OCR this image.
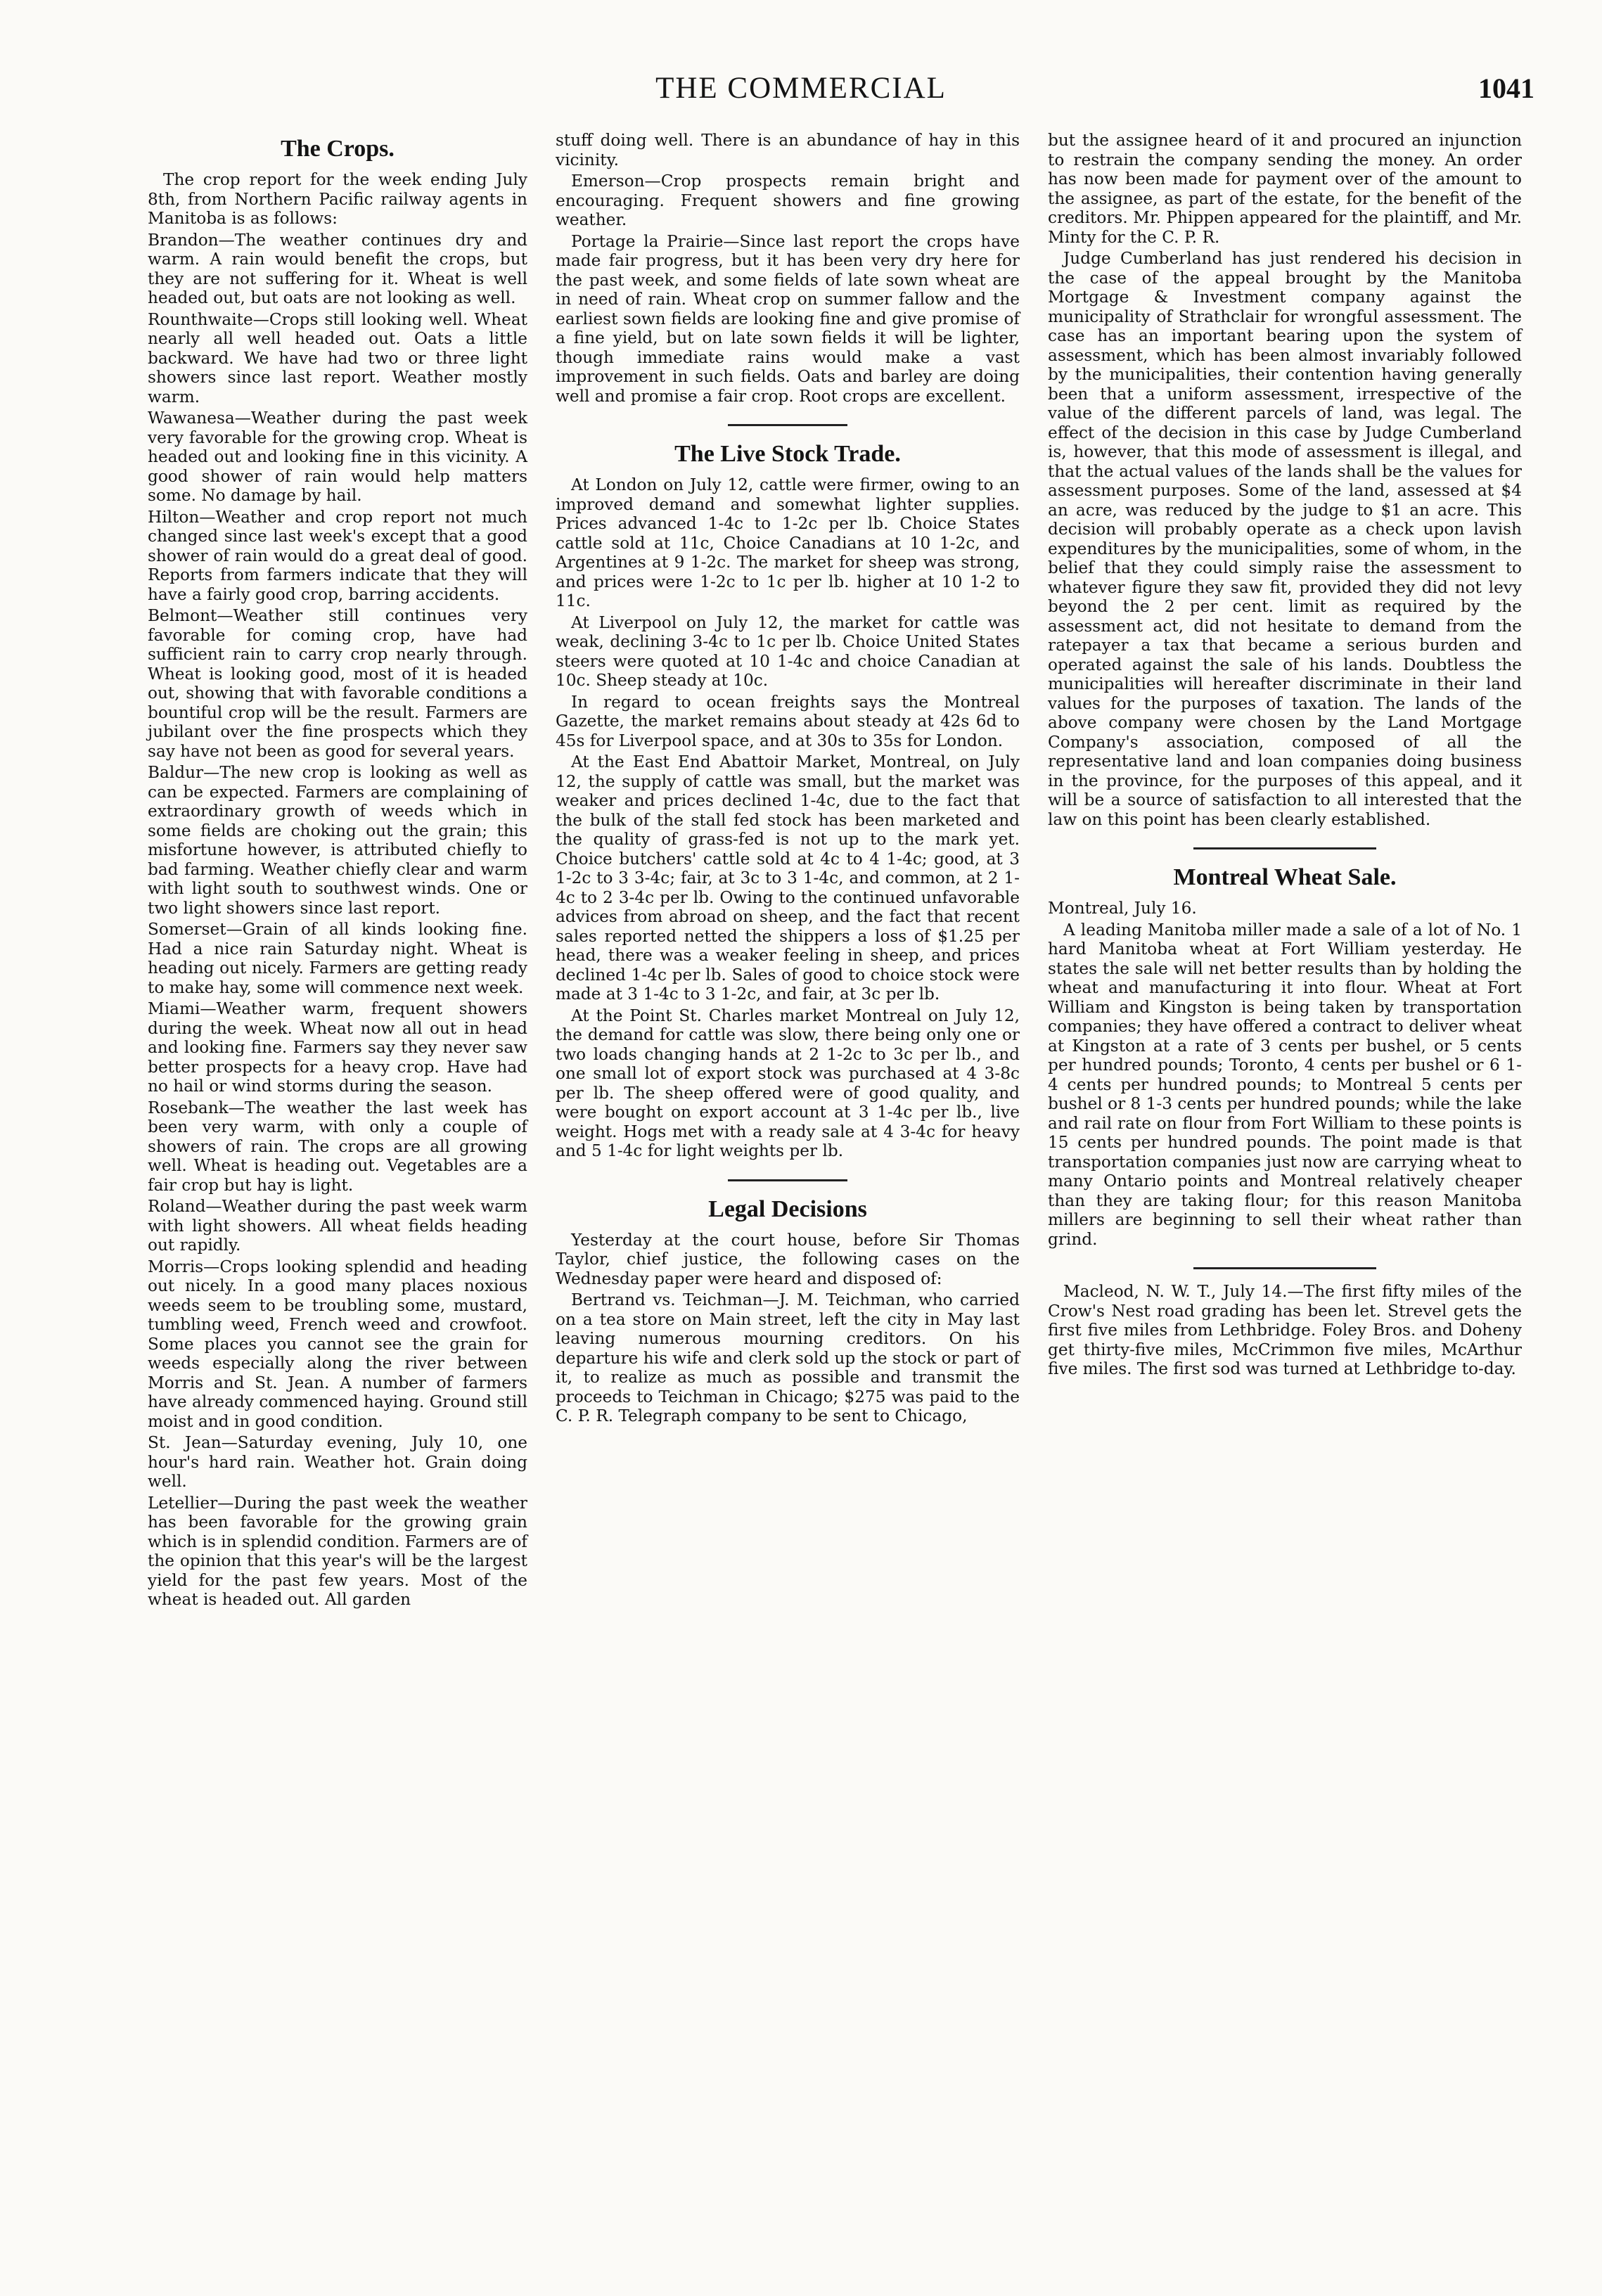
THE COMMERCIAL	1041
The Crops.

The crop report for the week ending July 8th, from Northern Pacific railway agents in Manitoba is as follows:

Brandon—The weather continues dry and warm. A rain would benefit the crops, but they are not suffering for it. Wheat is well headed out, but oats are not looking as well.

Rounthwaite—Crops still looking well. Wheat nearly all well headed out. Oats a little backward. We have had two or three light showers since last report. Weather mostly warm.

Wawanesa—Weather during the past week very favorable for the growing crop. Wheat is headed out and looking fine in this vicinity. A good shower of rain would help matters some. No damage by hail.

Hilton—Weather and crop report not much changed since last week's except that a good shower of rain would do a great deal of good. Reports from farmers indicate that they will have a fairly good crop, barring accidents.

Belmont—Weather still continues very favorable for coming crop, have had sufficient rain to carry crop nearly through. Wheat is looking good, most of it is headed out, showing that with favorable conditions a bountiful crop will be the result. Farmers are jubilant over the fine prospects which they say have not been as good for several years.

Baldur—The new crop is looking as well as can be expected. Farmers are complaining of extraordinary growth of weeds which in some fields are choking out the grain; this misfortune however, is attributed chiefly to bad farming. Weather chiefly clear and warm with light south to southwest winds. One or two light showers since last report.

Somerset—Grain of all kinds looking fine. Had a nice rain Saturday night. Wheat is heading out nicely. Farmers are getting ready to make hay, some will commence next week.

Miami—Weather warm, frequent showers during the week. Wheat now all out in head and looking fine. Farmers say they never saw better prospects for a heavy crop. Have had no hail or wind storms during the season.

Rosebank—The weather the last week has been very warm, with only a couple of showers of rain. The crops are all growing well. Wheat is heading out. Vegetables are a fair crop but hay is light.

Roland—Weather during the past week warm with light showers. All wheat fields heading out rapidly.

Morris—Crops looking splendid and heading out nicely. In a good many places noxious weeds seem to be troubling some, mustard, tumbling weed, French weed and crowfoot. Some places you cannot see the grain for weeds especially along the river between Morris and St. Jean. A number of farmers have already commenced haying. Ground still moist and in good condition.

St. Jean—Saturday evening, July 10, one hour's hard rain. Weather hot. Grain doing well.

Letellier—During the past week the weather has been favorable for the growing grain which is in splendid condition. Farmers are of the opinion that this year's will be the largest yield for the past few years. Most of the wheat is headed out. All garden

stuff doing well. There is an abundance of hay in this vicinity.

Emerson—Crop prospects remain bright and encouraging. Frequent showers and fine growing weather.

Portage la Prairie—Since last report the crops have made fair progress, but it has been very dry here for the past week, and some fields of late sown wheat are in need of rain. Wheat crop on summer fallow and the earliest sown fields are looking fine and give promise of a fine yield, but on late sown fields it will be lighter, though immediate rains would make a vast improvement in such fields. Oats and barley are doing well and promise a fair crop. Root crops are excellent.

The Live Stock Trade.

At London on July 12, cattle were firmer, owing to an improved demand and somewhat lighter supplies. Prices advanced 1-4c to 1-2c per lb. Choice States cattle sold at 11c, Choice Canadians at 10 1-2c, and Argentines at 9 1-2c. The market for sheep was strong, and prices were 1-2c to 1c per lb. higher at 10 1-2 to 11c.

At Liverpool on July 12, the market for cattle was weak, declining 3-4c to 1c per lb. Choice United States steers were quoted at 10 1-4c and choice Canadian at 10c. Sheep steady at 10c.

In regard to ocean freights says the Montreal Gazette, the market remains about steady at 42s 6d to 45s for Liverpool space, and at 30s to 35s for London.

At the East End Abattoir Market, Montreal, on July 12, the supply of cattle was small, but the market was weaker and prices declined 1-4c, due to the fact that the bulk of the stall fed stock has been marketed and the quality of grass-fed is not up to the mark yet. Choice butchers' cattle sold at 4c to 4 1-4c; good, at 3 1-2c to 3 3-4c; fair, at 3c to 3 1-4c, and common, at 2 1-4c to 2 3-4c per lb. Owing to the continued unfavorable advices from abroad on sheep, and the fact that recent sales reported netted the shippers a loss of $1.25 per head, there was a weaker feeling in sheep, and prices declined 1-4c per lb. Sales of good to choice stock were made at 3 1-4c to 3 1-2c, and fair, at 3c per lb.

At the Point St. Charles market Montreal on July 12, the demand for cattle was slow, there being only one or two loads changing hands at 2 1-2c to 3c per lb., and one small lot of export stock was purchased at 4 3-8c per lb. The sheep offered were of good quality, and were bought on export account at 3 1-4c per lb., live weight. Hogs met with a ready sale at 4 3-4c for heavy and 5 1-4c for light weights per lb.

Legal Decisions

Yesterday at the court house, before Sir Thomas Taylor, chief justice, the following cases on the Wednesday paper were heard and disposed of:

Bertrand vs. Teichman—J. M. Teichman, who carried on a tea store on Main street, left the city in May last leaving numerous mourning creditors. On his departure his wife and clerk sold up the stock or part of it, to realize as much as possible and transmit the proceeds to Teichman in Chicago; $275 was paid to the C. P. R. Telegraph company to be sent to Chicago,

but the assignee heard of it and procured an injunction to restrain the company sending the money. An order has now been made for payment over of the amount to the assignee, as part of the estate, for the benefit of the creditors. Mr. Phippen appeared for the plaintiff, and Mr. Minty for the C. P. R.

Judge Cumberland has just rendered his decision in the case of the appeal brought by the Manitoba Mortgage & Investment company against the municipality of Strathclair for wrongful assessment. The case has an important bearing upon the system of assessment, which has been almost invariably followed by the municipalities, their contention having generally been that a uniform assessment, irrespective of the value of the different parcels of land, was legal. The effect of the decision in this case by Judge Cumberland is, however, that this mode of assessment is illegal, and that the actual values of the lands shall be the values for assessment purposes. Some of the land, assessed at $4 an acre, was reduced by the judge to $1 an acre. This decision will probably operate as a check upon lavish expenditures by the municipalities, some of whom, in the belief that they could simply raise the assessment to whatever figure they saw fit, provided they did not levy beyond the 2 per cent. limit as required by the assessment act, did not hesitate to demand from the ratepayer a tax that became a serious burden and operated against the sale of his lands. Doubtless the municipalities will hereafter discriminate in their land values for the purposes of taxation. The lands of the above company were chosen by the Land Mortgage Company's association, composed of all the representative land and loan companies doing business in the province, for the purposes of this appeal, and it will be a source of satisfaction to all interested that the law on this point has been clearly established.

Montreal Wheat Sale.

Montreal, July 16.

A leading Manitoba miller made a sale of a lot of No. 1 hard Manitoba wheat at Fort William yesterday. He states the sale will net better results than by holding the wheat and manufacturing it into flour. Wheat at Fort William and Kingston is being taken by transportation companies; they have offered a contract to deliver wheat at Kingston at a rate of 3 cents per bushel, or 5 cents per hundred pounds; Toronto, 4 cents per bushel or 6 1-4 cents per hundred pounds; to Montreal 5 cents per bushel or 8 1-3 cents per hundred pounds; while the lake and rail rate on flour from Fort William to these points is 15 cents per hundred pounds. The point made is that transportation companies just now are carrying wheat to many Ontario points and Montreal relatively cheaper than they are taking flour; for this reason Manitoba millers are beginning to sell their wheat rather than grind.

Macleod, N. W. T., July 14.—The first fifty miles of the Crow's Nest road grading has been let. Strevel gets the first five miles from Lethbridge. Foley Bros. and Doheny get thirty-five miles, McCrimmon five miles, McArthur five miles. The first sod was turned at Lethbridge to-day.
